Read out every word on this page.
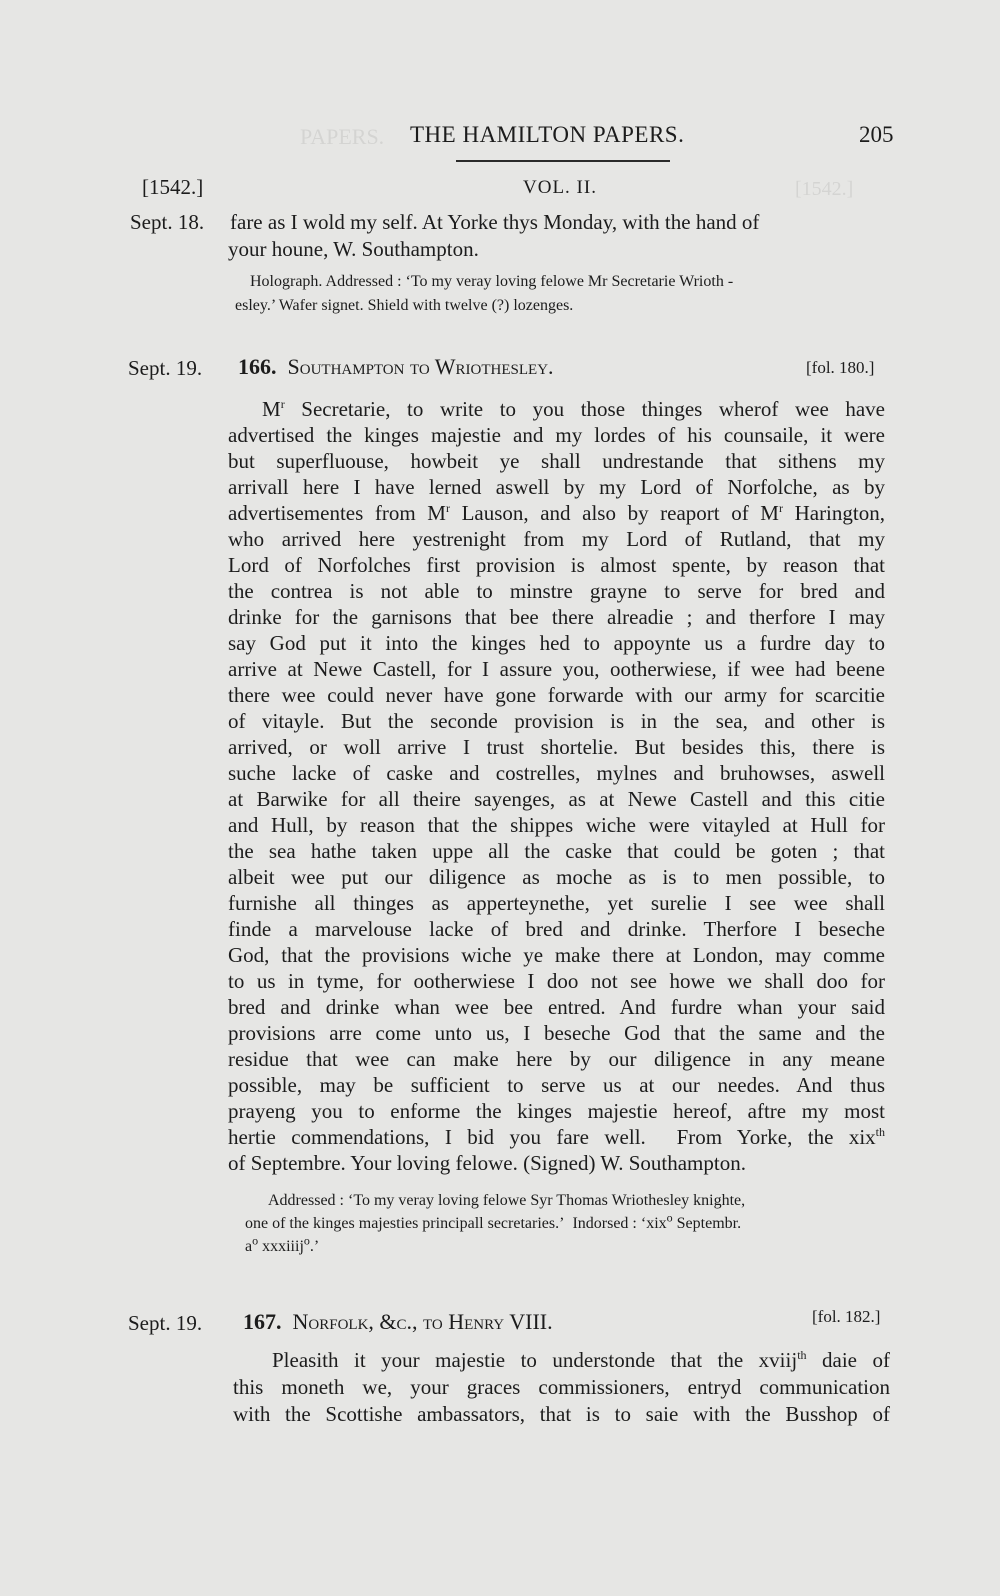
PAPERS.
[1542.]
THE HAMILTON PAPERS.	205
[1542.]	VOL. II.
Sept. 18. fare as I wold my self. At Yorke thys Monday, with the hand of
your houne, W. Southampton.
Holograph. Addressed : ‘To my veray loving felowe Mr Secretarie Wrioth -
esley.’ Wafer signet. Shield with twelve (?) lozenges.
Sept. 19. 166. Southampton to Wriothesley.	[fol. 180.]
$M^r$ Secretarie, to write to you those thinges wherof wee have
advertised the kinges majestie and my lordes of his counsaile, it were
but superfluouse, howbeit ye shall undrestande that sithens my
arrivall here I have lerned aswell by my Lord of Norfolche, as by
advertisementes from $M^r$ Lauson, and also by reaport of $M^r$ Harington,
who arrived here yestrenight from my Lord of Rutland, that my
Lord of Norfolches first provision is almost spente, by reason that
the contrea is not able to minstre grayne to serve for bred and
drinke for the garnisons that bee there alreadie ; and therfore I may
say God put it into the kinges hed to appoynte us a furdre day to
arrive at Newe Castell, for I assure you, ootherwiese, if wee had beene
there wee could never have gone forwarde with our army for scarcitie
of vitayle. But the seconde provision is in the sea, and other is
arrived, or woll arrive I trust shortelie. But besides this, there is
suche lacke of caske and costrelles, mylnes and bruhowses, aswell
at Barwike for all theire sayenges, as at Newe Castell and this citie
and Hull, by reason that the shippes wiche were vitayled at Hull for
the sea hathe taken uppe all the caske that could be goten ; that
albeit wee put our diligence as moche as is to men possible, to
furnishe all thinges as apperteynethe, yet surelie I see wee shall
finde a marvelouse lacke of bred and drinke. Therfore I beseche
God, that the provisions wiche ye make there at London, may comme
to us in tyme, for ootherwiese I doo not see howe we shall doo for
bred and drinke whan wee bee entred. And furdre whan your said
provisions arre come unto us, I beseche God that the same and the
residue that wee can make here by our diligence in any meane
possible, may be sufficient to serve us at our needes. And thus
prayeng you to enforme the kinges majestie hereof, aftre my most
hertie commendations, I bid you fare well.  From Yorke, the xix$^{th}$
of Septembre. Your loving felowe. (Signed) W. Southampton.
Addressed : ‘To my veray loving felowe Syr Thomas Wriothesley knighte,
one of the kinges majesties principall secretaries.’  Indorsed : ‘xix$^o$ Septembr.
$a^o$ xxxiiij$^o$.’
Sept. 19. 167. Norfolk, &c., to Henry VIII.	[fol. 182.]
Pleasith it your majestie to understonde that the xviij$^{th}$ daie of
this moneth we, your graces commissioners, entryd communication
with the Scottishe ambassators, that is to saie with the Busshop of
